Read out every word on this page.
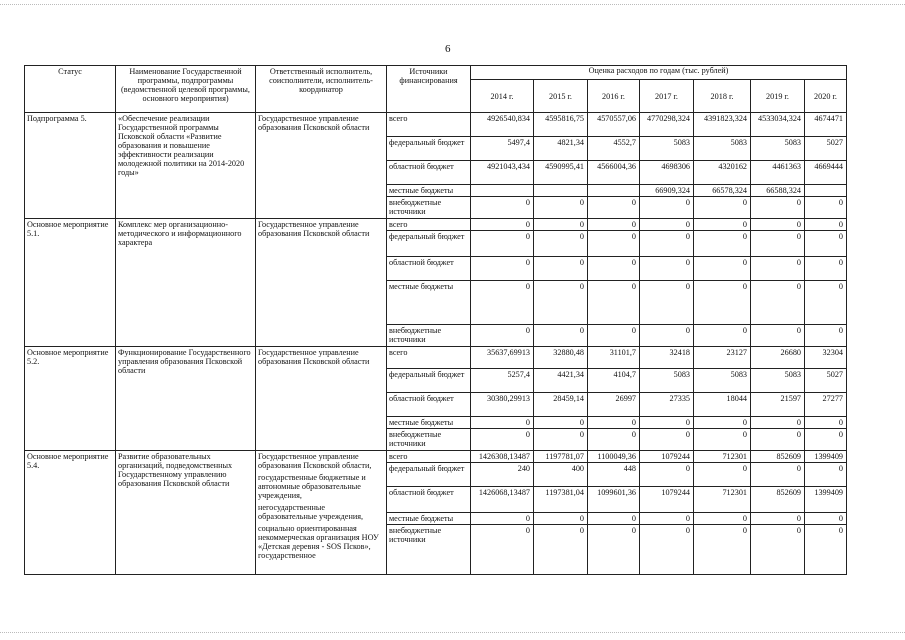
6
Статус	Наименование Государственной программы, подпрограммы (ведомственной целевой программы, основного мероприятия)	Ответственный исполнитель, соисполнители, исполнитель-координатор	Источники финансирования	Оценка расходов по годам (тыс. рублей)						
				2014 г.	2015 г.	2016 г.	2017 г.	2018 г.	2019 г.	2020 г.
Подпрограмма 5.	«Обеспечение реализации Государственной программы Псковской области «Развитие образования и повышение эффективности реализации молодежной политики на 2014-2020 годы»	Государственное управление образования Псковской области	всего	4926540,834	4595816,75	4570557,06	4770298,324	4391823,324	4533034,324	4674471
			федеральный бюджет	5497,4	4821,34	4552,7	5083	5083	5083	5027
			областной бюджет	4921043,434	4590995,41	4566004,36	4698306	4320162	4461363	4669444
			местные бюджеты				66909,324	66578,324	66588,324	
			внебюджетные источники	0	0	0	0	0	0	0
Основное мероприятие 5.1.	Комплекс мер организационно-методического и информационного характера	Государственное управление образования Псковской области	всего	0	0	0	0	0	0	0
			федеральный бюджет	0	0	0	0	0	0	0
			областной бюджет	0	0	0	0	0	0	0
			местные бюджеты	0	0	0	0	0	0	0
			внебюджетные источники	0	0	0	0	0	0	0
Основное мероприятие 5.2.	Функционирование Государственного управления образования Псковской области	Государственное управление образования Псковской области	всего	35637,69913	32880,48	31101,7	32418	23127	26680	32304
			федеральный бюджет	5257,4	4421,34	4104,7	5083	5083	5083	5027
			областной бюджет	30380,29913	28459,14	26997	27335	18044	21597	27277
			местные бюджеты	0	0	0	0	0	0	0
			внебюджетные источники	0	0	0	0	0	0	0
Основное мероприятие 5.4.	Развитие образовательных организаций, подведомственных Государственному управлению образования Псковской области	Государственное управление образования Псковской области,
государственные бюджетные и автономные образовательные учреждения,
негосударственные образовательные учреждения,
социально ориентированная некоммерческая организация НОУ «Детская деревня - SOS Псков», государственное	всего	1426308,13487	1197781,07	1100049,36	1079244	712301	852609	1399409
			федеральный бюджет	240	400	448	0	0	0	0
			областной бюджет	1426068,13487	1197381,04	1099601,36	1079244	712301	852609	1399409
			местные бюджеты	0	0	0	0	0	0	0
			внебюджетные источники	0	0	0	0	0	0	0
